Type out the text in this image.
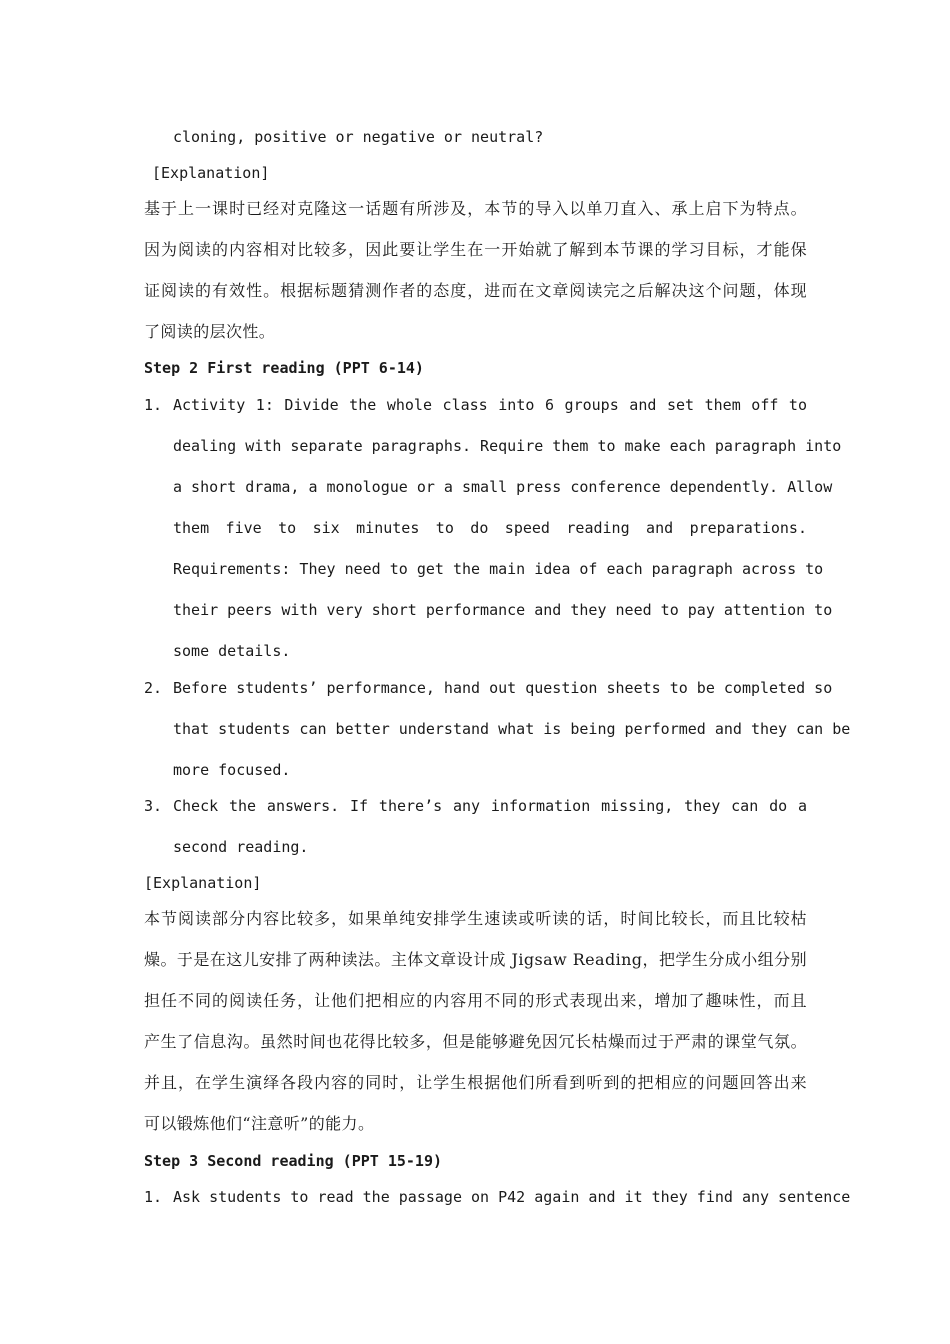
cloning, positive or negative or neutral?
[Explanation]
基于上一课时已经对克隆这一话题有所涉及，本节的导入以单刀直入、承上启下为特点。
因为阅读的内容相对比较多，因此要让学生在一开始就了解到本节课的学习目标，才能保
证阅读的有效性。根据标题猜测作者的态度，进而在文章阅读完之后解决这个问题，体现
了阅读的层次性。
Step 2 First reading (PPT 6-14)
1. Activity 1: Divide the whole class into 6 groups and set them off to
dealing with separate paragraphs. Require them to make each paragraph into
a short drama, a monologue or a small press conference dependently. Allow
them five to six minutes to do speed reading and preparations.
Requirements: They need to get the main idea of each paragraph across to
their peers with very short performance and they need to pay attention to
some details.
2. Before students’ performance, hand out question sheets to be completed so
that students can better understand what is being performed and they can be
more focused.
3. Check the answers. If there’s any information missing, they can do a
second reading.
[Explanation]
本节阅读部分内容比较多，如果单纯安排学生速读或听读的话，时间比较长，而且比较枯
燥。于是在这儿安排了两种读法。主体文章设计成 Jigsaw Reading，把学生分成小组分别
担任不同的阅读任务，让他们把相应的内容用不同的形式表现出来，增加了趣味性，而且
产生了信息沟。虽然时间也花得比较多，但是能够避免因冗长枯燥而过于严肃的课堂气氛。
并且，在学生演绎各段内容的同时，让学生根据他们所看到听到的把相应的问题回答出来
可以锻炼他们“注意听”的能力。
Step 3 Second reading (PPT 15-19)
1. Ask students to read the passage on P42 again and it they find any sentence
